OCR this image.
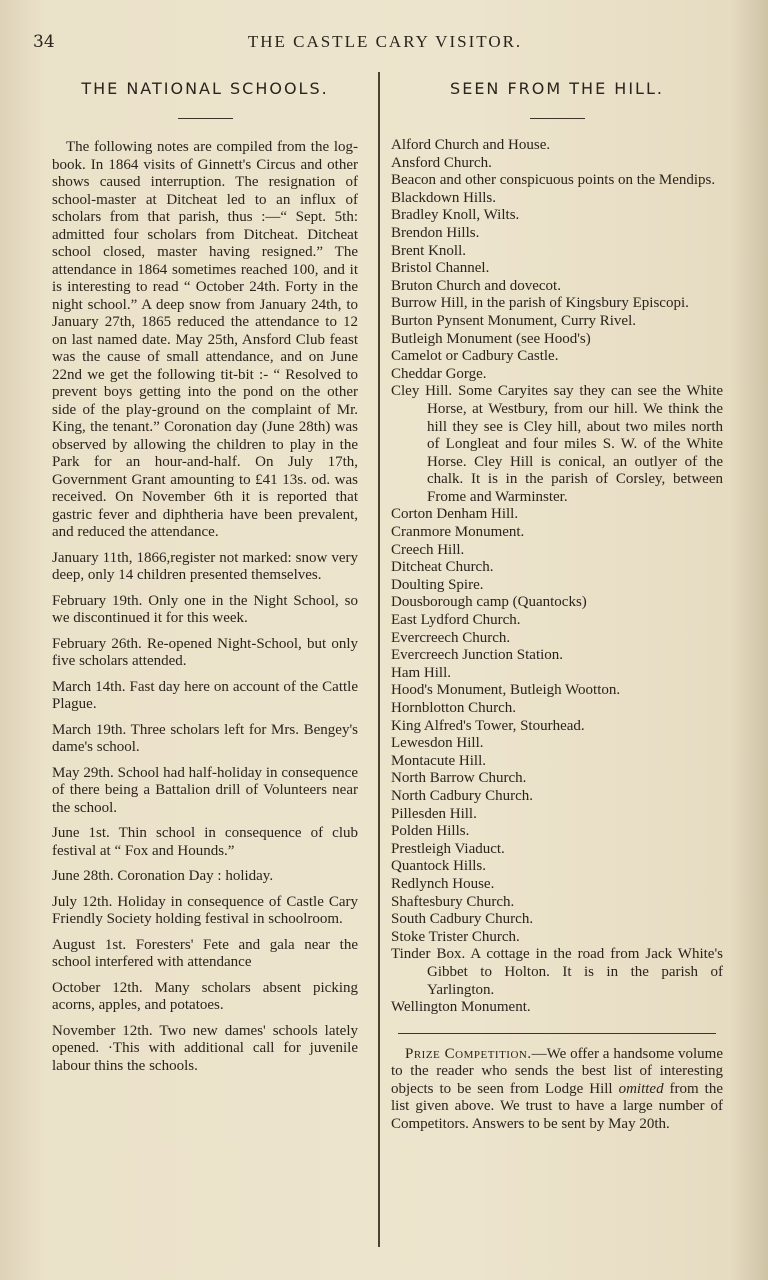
34	THE CASTLE CARY VISITOR.
THE NATIONAL SCHOOLS.

The following notes are compiled from the log-book. In 1864 visits of Ginnett's Circus and other shows caused interruption. The resignation of school-master at Ditcheat led to an influx of scholars from that parish, thus :—“ Sept. 5th: admitted four scholars from Ditcheat. Ditcheat school closed, master having resigned.” The attendance in 1864 sometimes reached 100, and it is interesting to read “ October 24th. Forty in the night school.” A deep snow from January 24th, to January 27th, 1865 reduced the attendance to 12 on last named date. May 25th, Ansford Club feast was the cause of small attendance, and on June 22nd we get the following tit-bit :- “ Resolved to prevent boys getting into the pond on the other side of the play-ground on the complaint of Mr. King, the tenant.” Coronation day (June 28th) was observed by allowing the children to play in the Park for an hour-and-half. On July 17th, Government Grant amounting to £41 13s. od. was received. On November 6th it is reported that gastric fever and diphtheria have been prevalent, and reduced the attendance.

January 11th, 1866,register not marked: snow very deep, only 14 children presented themselves.

February 19th. Only one in the Night School, so we discontinued it for this week.

February 26th. Re-opened Night-School, but only five scholars attended.

March 14th. Fast day here on account of the Cattle Plague.

March 19th. Three scholars left for Mrs. Bengey's dame's school.

May 29th. School had half-holiday in consequence of there being a Battalion drill of Volunteers near the school.

June 1st. Thin school in consequence of club festival at “ Fox and Hounds.”

June 28th. Coronation Day : holiday.

July 12th. Holiday in consequence of Castle Cary Friendly Society holding festival in schoolroom.

August 1st. Foresters' Fete and gala near the school interfered with attendance

October 12th. Many scholars absent picking acorns, apples, and potatoes.

November 12th. Two new dames' schools lately opened. ·This with additional call for juvenile labour thins the schools.

SEEN FROM THE HILL.
Alford Church and House.
Ansford Church.
Beacon and other conspicuous points on the Mendips.
Blackdown Hills.
Bradley Knoll, Wilts.
Brendon Hills.
Brent Knoll.
Bristol Channel.
Bruton Church and dovecot.
Burrow Hill, in the parish of Kingsbury Episcopi.
Burton Pynsent Monument, Curry Rivel.
Butleigh Monument (see Hood's)
Camelot or Cadbury Castle.
Cheddar Gorge.
Cley Hill. Some Caryites say they can see the White Horse, at Westbury, from our hill. We think the hill they see is Cley hill, about two miles north of Longleat and four miles S. W. of the White Horse. Cley Hill is conical, an outlyer of the chalk. It is in the parish of Corsley, between Frome and Warminster.
Corton Denham Hill.
Cranmore Monument.
Creech Hill.
Ditcheat Church.
Doulting Spire.
Dousborough camp (Quantocks)
East Lydford Church.
Evercreech Church.
Evercreech Junction Station.
Ham Hill.
Hood's Monument, Butleigh Wootton.
Hornblotton Church.
King Alfred's Tower, Stourhead.
Lewesdon Hill.
Montacute Hill.
North Barrow Church.
North Cadbury Church.
Pillesden Hill.
Polden Hills.
Prestleigh Viaduct.
Quantock Hills.
Redlynch House.
Shaftesbury Church.
South Cadbury Church.
Stoke Trister Church.
Tinder Box. A cottage in the road from Jack White's Gibbet to Holton. It is in the parish of Yarlington.
Wellington Monument.

Prize Competition.—We offer a handsome volume to the reader who sends the best list of interesting objects to be seen from Lodge Hill omitted from the list given above. We trust to have a large number of Competitors. Answers to be sent by May 20th.
